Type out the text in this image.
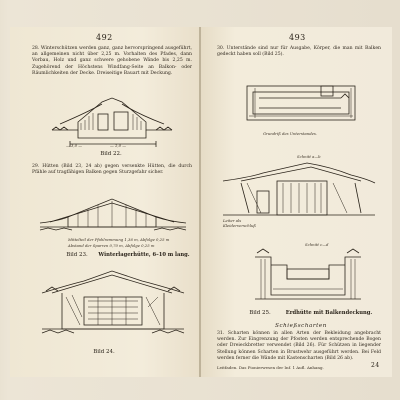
492
28. Winterschützen werden ganz, ganz hervorspringend ausgeführt, an allgemeinen nicht über 2,25 m. Vorhalten des Pfades, dann Vorbau, Holz und ganz schwere gehobene Wände bis 2,25 m. Zugehörend der Höchstens Windfang-Seite an Balkon- oder Räumlichkeiten der Decke. Dreiseitige Bauart mit Deckung.
— 3,0 —	— 2,0 —
Bild 22.
29. Hütten (Bild 23, 24 ab) gegen versenkte Hütten, die durch Pfähle auf tragfähigen Balken gegen Sturzgefahr sicher.
Mittelteil der Pfahlrammung 1,36 m, Abfolge 0,25 m
Abstand der Sparren 0,70 m, Abfolge 0,25 m
Bild 23.	Winterlagerhütte, 6–10 m lang.
Bild 24.
493
30. Unterstände sind nur für Ausgabe, Körper, die man mit Balken gedeckt haben soll (Bild 25).
Grundriß des Unterstandes.
Schnitt a—b
Leiter als Kleiderverschluß
Schnitt c—d
Bild 25.	Erdhütte mit Balkendeckung.
Schießscharten
31. Scharten können in allen Arten der Bekleidung angebracht werden. Zur Eingrenzung der Pfosten werden entsprechende Bogen oder Dreieckbretter verwendet (Bild 26). Für Schützen in liegender Stellung können Scharten in Brustwehr ausgeführt werden. Bei Feld werden ferner die Wände mit Kastenscharten (Bild 26 ab).
Leitfaden. Das Pionierwesen der Inf. 1 Aufl. Anhang.	24
